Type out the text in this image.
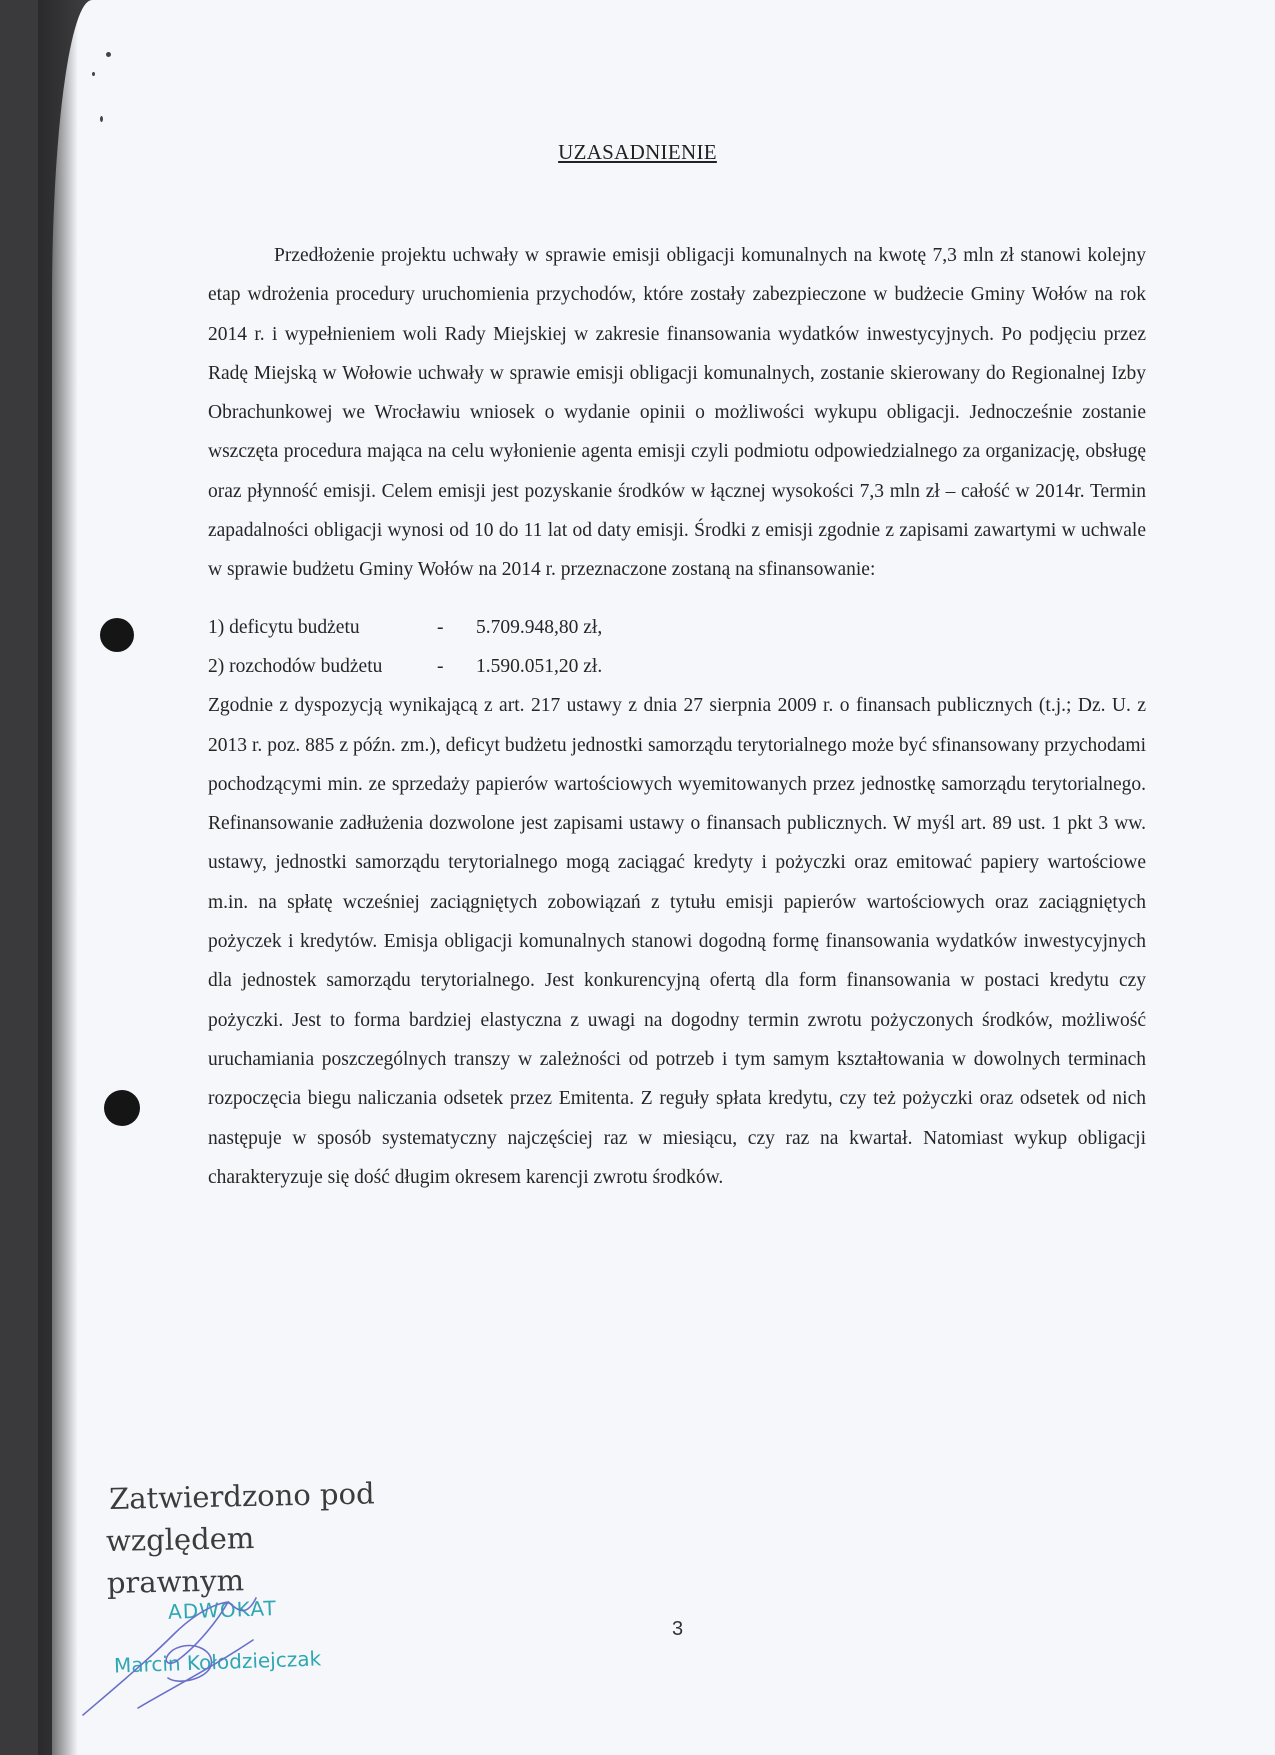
UZASADNIENIE

Przedłożenie projektu uchwały w sprawie emisji obligacji komunalnych na kwotę 7,3 mln zł stanowi kolejny etap wdrożenia procedury uruchomienia przychodów, które zostały zabezpieczone w budżecie Gminy Wołów na rok 2014 r. i wypełnieniem woli Rady Miejskiej w zakresie finansowania wydatków inwestycyjnych. Po podjęciu przez Radę Miejską w Wołowie uchwały w sprawie emisji obligacji komunalnych, zostanie skierowany do Regionalnej Izby Obrachunkowej we Wrocławiu wniosek o wydanie opinii o możliwości wykupu obligacji. Jednocześnie zostanie wszczęta procedura mająca na celu wyłonienie agenta emisji czyli podmiotu odpowiedzialnego za organizację, obsługę oraz płynność emisji. Celem emisji jest pozyskanie środków w łącznej wysokości 7,3 mln zł – całość w 2014r. Termin zapadalności obligacji wynosi od 10 do 11 lat od daty emisji. Środki z emisji zgodnie z zapisami zawartymi w uchwale w sprawie budżetu Gminy Wołów na 2014 r. przeznaczone zostaną na sfinansowanie:

1) deficytu budżetu	-	5.709.948,80 zł,
2) rozchodów budżetu	-	1.590.051,20 zł.

Zgodnie z dyspozycją wynikającą z art. 217 ustawy z dnia 27 sierpnia 2009 r. o finansach publicznych (t.j.; Dz. U. z 2013 r. poz. 885 z późn. zm.), deficyt budżetu jednostki samorządu terytorialnego może być sfinansowany przychodami pochodzącymi min. ze sprzedaży papierów wartościowych wyemitowanych przez jednostkę samorządu terytorialnego. Refinansowanie zadłużenia dozwolone jest zapisami ustawy o finansach publicznych. W myśl art. 89 ust. 1 pkt 3 ww. ustawy, jednostki samorządu terytorialnego mogą zaciągać kredyty i pożyczki oraz emitować papiery wartościowe m.in. na spłatę wcześniej zaciągniętych zobowiązań z tytułu emisji papierów wartościowych oraz zaciągniętych pożyczek i kredytów. Emisja obligacji komunalnych stanowi dogodną formę finansowania wydatków inwestycyjnych dla jednostek samorządu terytorialnego. Jest konkurencyjną ofertą dla form finansowania w postaci kredytu czy pożyczki. Jest to forma bardziej elastyczna z uwagi na dogodny termin zwrotu pożyczonych środków, możliwość uruchamiania poszczególnych transzy w zależności od potrzeb i tym samym kształtowania w dowolnych terminach rozpoczęcia biegu naliczania odsetek przez Emitenta. Z reguły spłata kredytu, czy też pożyczki oraz odsetek od nich następuje w sposób systematyczny najczęściej raz w miesiącu, czy raz na kwartał. Natomiast wykup obligacji charakteryzuje się dość długim okresem karencji zwrotu środków.

Zatwierdzono pod
względem prawnym
ADWOKAT
Marcin Kołodziejczak
3
